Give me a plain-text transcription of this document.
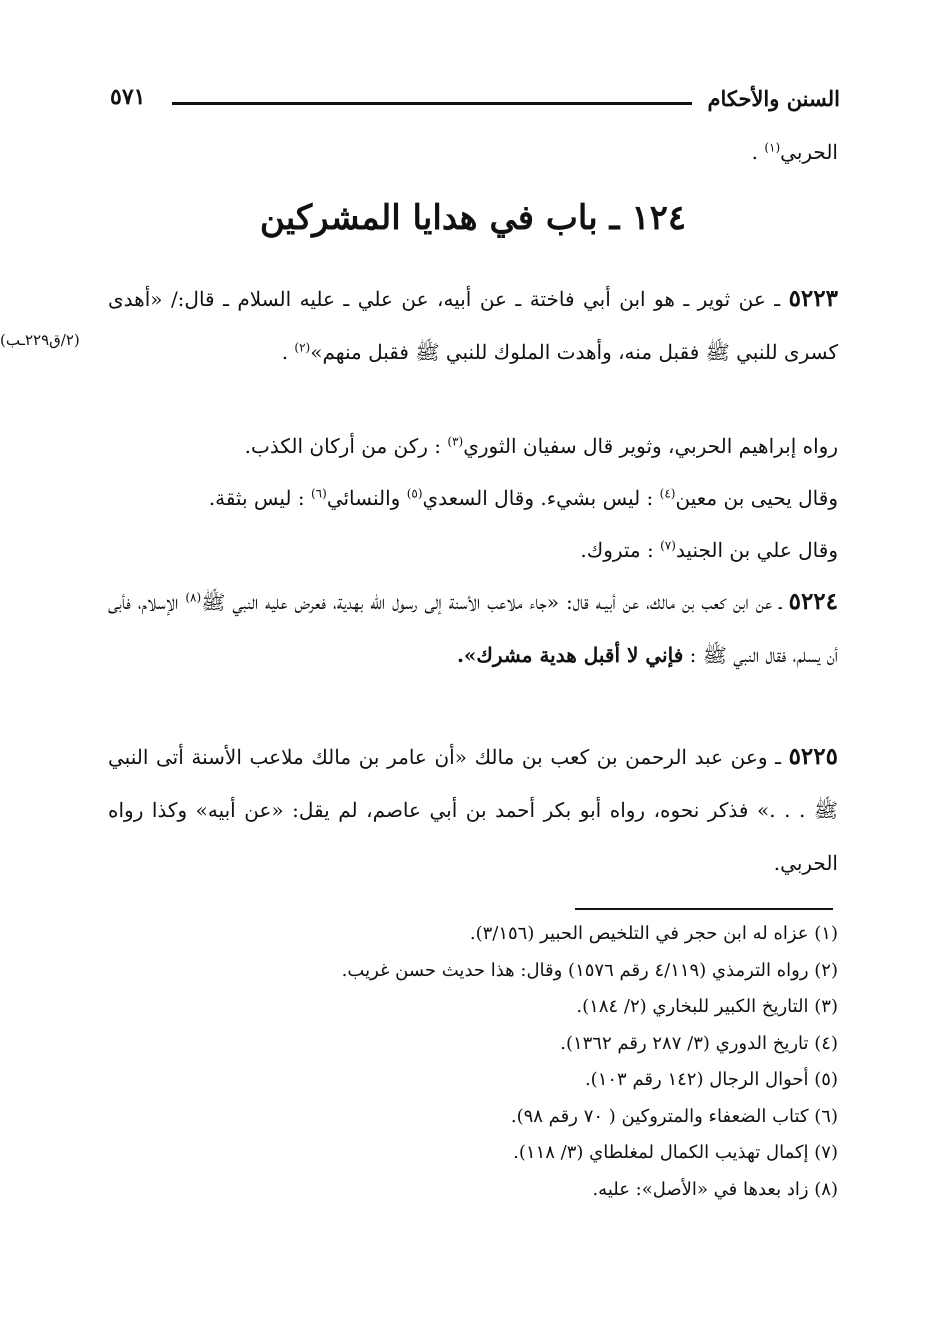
السنن والأحكام
٥٧١
الحربي$^{(١)}$ .
١٢٤ ـ باب في هدايا المشركين
٥٢٢٣ ـ عن ثوير ـ هو ابن أبي فاختة ـ عن أبيه، عن علي ـ عليه السلام ـ قال:/ «أهدى كسرى للنبي ﷺ فقبل منه، وأهدت الملوك للنبي ﷺ فقبل منهم»$^{(٢)}$ .
(٢/ق٢٢٩ـب)
رواه إبراهيم الحربي، وثوير قال سفيان الثوري$^{(٣)}$ : ركن من أركان الكذب.
وقال يحيى بن معين$^{(٤)}$ : ليس بشيء. وقال السعدي$^{(٥)}$ والنسائي$^{(٦)}$ : ليس بثقة.
وقال علي بن الجنيد$^{(٧)}$ : متروك.
٥٢٢٤ ـ عن ابن كعب بن مالك، عن أبيـه قال: «جاء ملاعب الأسنة إلى رسول الله بهدية، فعرض عليه النبي ﷺ$^{(٨)}$ الإسلام، فأبى أن يسلم، فقال النبي ﷺ : فإني لا أقبل هدية مشرك».
٥٢٢٥ ـ وعن عبد الرحمن بن كعب بن مالك «أن عامر بن مالك ملاعب الأسنة أتى النبي ﷺ . . .» فذكر نحوه، رواه أبو بكر أحمد بن أبي عاصم، لم يقل: «عن أبيه» وكذا رواه الحربي.
(١) عزاه له ابن حجر في التلخيص الحبير (٣/١٥٦).
(٢) رواه الترمذي (٤/١١٩ رقم ١٥٧٦) وقال: هذا حديث حسن غريب.
(٣) التاريخ الكبير للبخاري (٢/ ١٨٤).
(٤) تاريخ الدوري (٣/ ٢٨٧ رقم ١٣٦٢).
(٥) أحوال الرجال (١٤٢ رقم ١٠٣).
(٦) كتاب الضعفاء والمتروكين ( ٧٠ رقم ٩٨).
(٧) إكمال تهذيب الكمال لمغلطاي (٣/ ١١٨).
(٨) زاد بعدها في «الأصل»: عليه.
